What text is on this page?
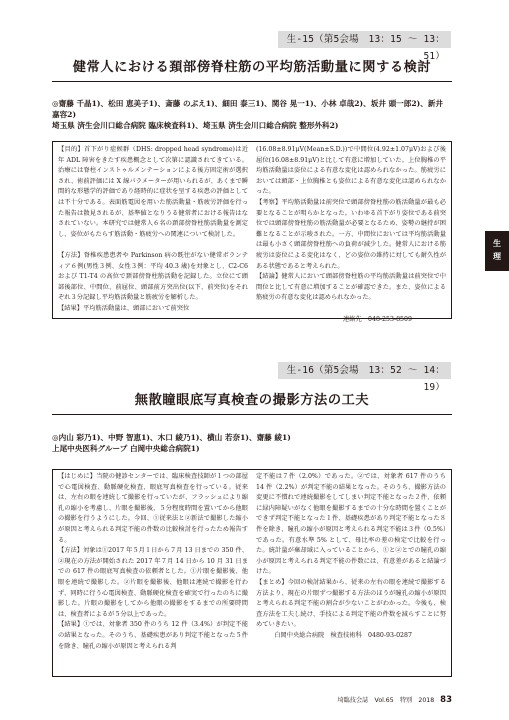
生-15（第5会場　13：15 ～ 13：51）
健常人における頚部傍脊柱筋の平均筋活動量に関する検討
◎齋藤 千晶1)、松田 恵美子1)、斎藤 のぶえ1)、細田 泰三1)、関谷 晃一1)、小林 卓哉2)、坂井 頭一郎2)、新井 嘉容2)
埼玉県 済生会川口総合病院 臨床検査科1)、埼玉県 済生会川口総合病院 整形外科2)

【目的】首下がり症候群（DHS: dropped head syndrome)は近年 ADL 障害をきたす疾患概念として次第に認識されてきている。治療には脊柱インストゥルメンテーションによる後方固定術が選択され、術前評価には X 線パラメーターが用いられるが、あくまで瞬間的な形態学的評価であり経時的に症状を呈する疾患の評価としては不十分である。表面筋電図を用いた筋活動量・筋疲労評価を行った報告は散見されるが、基準値となりうる健常者における報告はなされていない。本研究では健常人６名の頚部傍脊柱筋活動量を測定し、姿位がもたらす筋活動・筋疲労への関連について検討した。

【方法】脊椎疾患患者や Parkinson 病の既往がない健常ボランティア６例(男性３例、女性３例：平均 40.3 歳)を対象とし、C2-C6 および T1-T4 の高位で頚部傍脊柱筋活動を記録した。立位にて頭部後部位、中間位、前屈位、頭部前方突出位(以下、前突位)をそれぞれ３分記録し平均筋活動量と筋疲労を解析した。

【結果】平均筋活動量は、頭部において前突位

(16.08±8.91μV(Mean±S.D.))で中間位(4.92±1.07μV)および後屈位(16.08±8.91μV)と比して有意に増加していた。上位胸椎の平均筋活動量は姿位による有意な変化は認められなかった。筋疲労においては頭部・上位胸椎とも姿位による有意な変化は認められなかった。

【考察】平均筋活動量は前突位で頭部傍脊柱筋の筋活動量が最も必要となることが明らかとなった。いわゆる首下がり姿位である前突位では頭部傍脊柱筋の筋活動量が必要となるため、姿勢の継持が困難となることが示唆された。一方、中間位においては平均筋活動量は最も小さく頭部傍脊柱筋への負荷が減少した。健常人における筋疲労は姿位による変化はなく、どの姿位の維持に対しても耐久性がある状態であると考えられた。

【結論】健常人において頭部傍脊柱筋の平均筋活動量は前突位で中間位と比して有意に増加することが確認できた。また、姿位による筋疲労の有意な変化は認められなかった。

連絡先　048-253-8509

生-16（第5会場　13：52 ～ 14：19）
無散瞳眼底写真検査の撮影方法の工夫
◎内山 彩乃1)、中野 智恵1)、木口 綾乃1)、横山 若奈1)、齋藤 綾1)
上尾中央医科グループ 白岡中央総合病院1)

【はじめに】当院の健診センターでは、臨床検査技師が１つの部屋で心電図検査、動脈硬化検査、眼底写真検査を行っている。従来は、左右の眼を連続して撮影を行っていたが、フラッシュにより縮孔の縮小を考慮し、片眼を撮影後、５分程度時間を置いてから他眼の撮影を行うようにした。今回、①従来法と②新法で撮影した縮小が原因と考えられる判定不能の件数の比較検討を行ったため報告する。

【方法】対象は①2017 年５月１日から７月 13 日までの 350 件、②現在の方法が開始された 2017 年７月 14 日から 10 月 31 日までの 617 件の眼底写真検査の依頼者とした。①片眼を撮影後、他眼を連続で撮影した。②片眼を撮影後、他眼は連続で撮影を行わず、同時に行う心電図検査、動脈硬化検査を確実で行ったのちに撮影した。片眼の撮影をしてから他眼の撮影をするまでの所要時間は、検査者によるが５分以上であった。

【結果】①では、対象者 350 件のうち 12 件（3.4%）が判定不能の結果となった。そのうち、基礎疾患があり判定不能となった５件を除き、瞳孔の縮小が原因と考えられる判

定不能は７件（2.0%）であった。②では、対象者 617 件のうち 14 件（2.2%）が判定不能の結果となった。そのうち、撮影方法の変更に不慣れで連続撮影をしてしまい判定不能となった２件、依頼に緑内障疑いがなく他眼を撮影するまでの十分な時間を置くことができず判定不能となった１件、基礎疾患があり判定不能となった８件を除き、瞳孔の縮小が原因と考えられる判定不能は３件（0.5%）であった。有意水準 5% として、母比率の差の検定で比較を行った。統計量が棄却域に入っていることから、①と②とでの瞳孔の縮小が原因と考えられる判定不能の件数には、有意差があると結論づけた。

【まとめ】今回の検討結果から、従来の左右の眼を連続で撮影する方法より、現在の片眼ずつ撮影する方法のほうが瞳孔の縮小が原因と考えられる判定不能の割合が少ないことがわかった。今後も、検査方法を工夫し続け、手技による判定不能の件数を減らすことに努めていきたい。

白岡中央総合病院　検査技術科　0480-93-0287

生
理
埼臨技会誌　Vol.65　特別　2018 83
